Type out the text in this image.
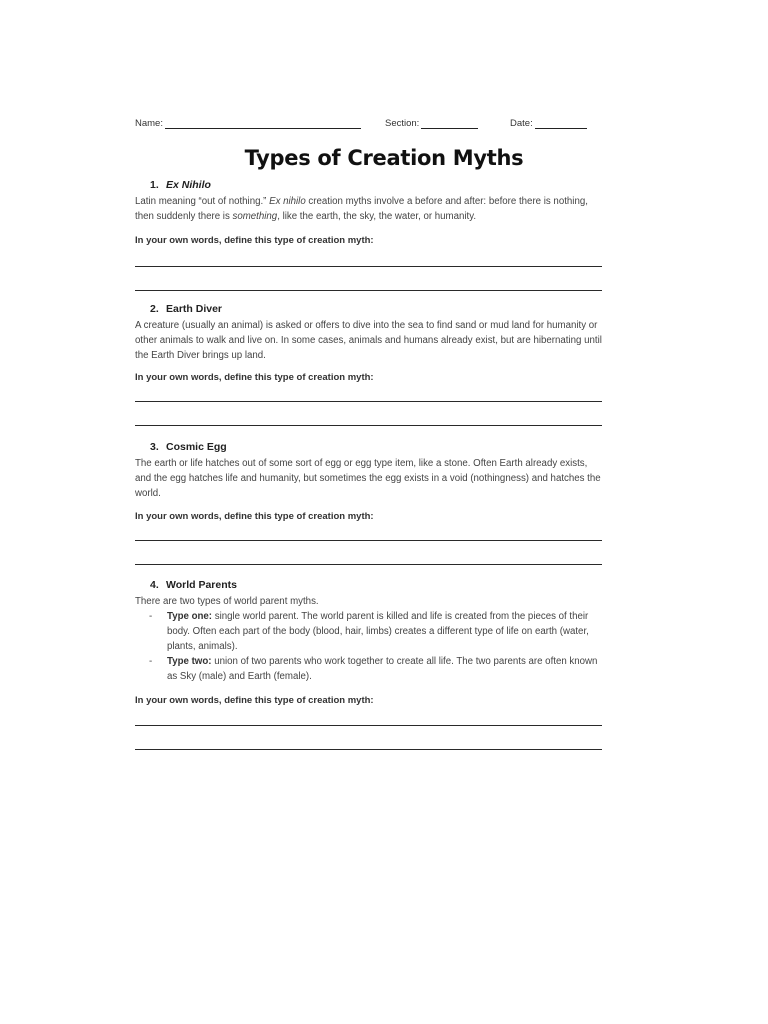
Name:	Section:	Date:
Types of Creation Myths
1. Ex Nihilo

Latin meaning “out of nothing.” Ex nihilo creation myths involve a before and after: before there is nothing, then suddenly there is something, like the earth, the sky, the water, or humanity.

In your own words, define this type of creation myth:
2. Earth Diver

A creature (usually an animal) is asked or offers to dive into the sea to find sand or mud land for humanity or other animals to walk and live on. In some cases, animals and humans already exist, but are hibernating until the Earth Diver brings up land.

In your own words, define this type of creation myth:
3. Cosmic Egg

The earth or life hatches out of some sort of egg or egg type item, like a stone. Often Earth already exists, and the egg hatches life and humanity, but sometimes the egg exists in a void (nothingness) and hatches the world.

In your own words, define this type of creation myth:
4. World Parents

There are two types of world parent myths.

- Type one: single world parent. The world parent is killed and life is created from the pieces of their body. Often each part of the body (blood, hair, limbs) creates a different type of life on earth (water, plants, animals).
- Type two: union of two parents who work together to create all life. The two parents are often known as Sky (male) and Earth (female).
In your own words, define this type of creation myth:
